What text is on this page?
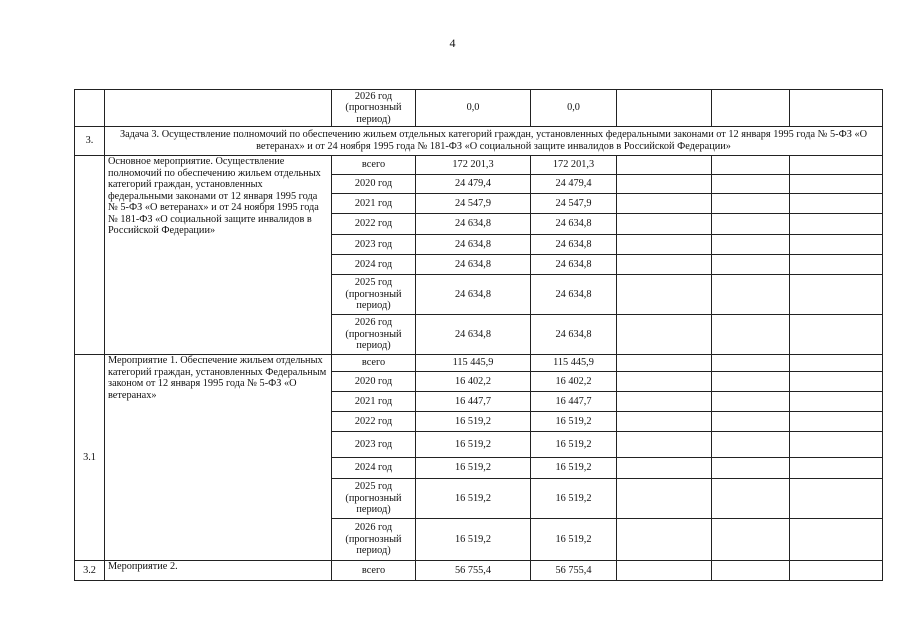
4
		2026 год (прогнозный период)	0,0	0,0			
3.	Задача 3. Осуществление полномочий по обеспечению жильем отдельных категорий граждан, установленных федеральными законами от 12 января 1995 года № 5-ФЗ «О ветеранах» и от 24 ноября 1995 года № 181-ФЗ «О социальной защите инвалидов в Российской Федерации»						
	Основное мероприятие. Осуществление полномочий по обеспечению жильем отдельных категорий граждан, установленных федеральными законами от 12 января 1995 года № 5-ФЗ «О ветеранах» и от 24 ноября 1995 года № 181-ФЗ «О социальной защите инвалидов в Российской Федерации»	всего	172 201,3	172 201,3			
		2020 год	24 479,4	24 479,4			
		2021 год	24 547,9	24 547,9			
		2022 год	24 634,8	24 634,8			
		2023 год	24 634,8	24 634,8			
		2024 год	24 634,8	24 634,8			
		2025 год (прогнозный период)	24 634,8	24 634,8			
		2026 год (прогнозный период)	24 634,8	24 634,8			
3.1	Мероприятие 1. Обеспечение жильем отдельных категорий граждан, установленных Федеральным законом от 12 января 1995 года № 5-ФЗ «О ветеранах»	всего	115 445,9	115 445,9			
		2020 год	16 402,2	16 402,2			
		2021 год	16 447,7	16 447,7			
		2022 год	16 519,2	16 519,2			
		2023 год	16 519,2	16 519,2			
		2024 год	16 519,2	16 519,2			
		2025 год (прогнозный период)	16 519,2	16 519,2			
		2026 год (прогнозный период)	16 519,2	16 519,2			
3.2	Мероприятие 2.	всего	56 755,4	56 755,4			
